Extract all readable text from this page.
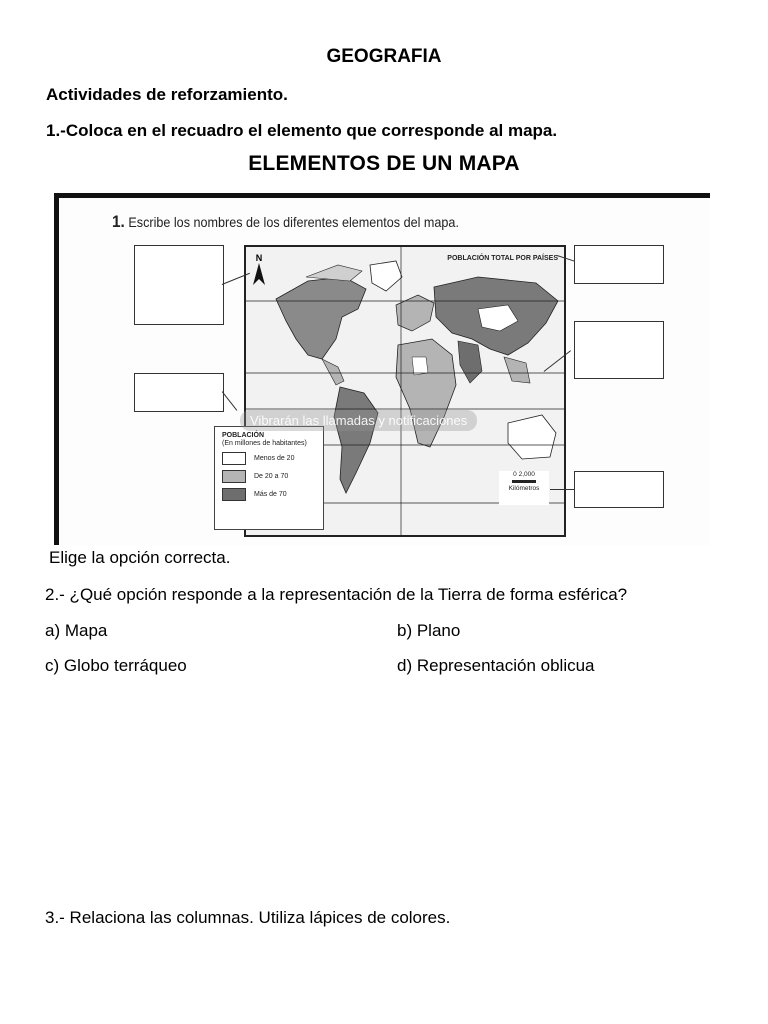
GEOGRAFIA
Actividades de reforzamiento.
1.-Coloca en el recuadro el elemento que corresponde al mapa.
ELEMENTOS DE UN MAPA
1. Escribe los nombres de los diferentes elementos del mapa.
POBLACIÓN TOTAL POR PAÍSES
N
POBLACIÓN
(En millones de habitantes)
Menos de 20
De 20 a 70
Más de 70
0 2,000
Kilómetros
Vibrarán las llamadas y notificaciones
Elige la opción correcta.
2.- ¿Qué opción responde a la representación de la Tierra de forma esférica?
a) Mapa	b) Plano
c) Globo terráqueo	d) Representación oblicua
3.- Relaciona las columnas. Utiliza lápices de colores.
